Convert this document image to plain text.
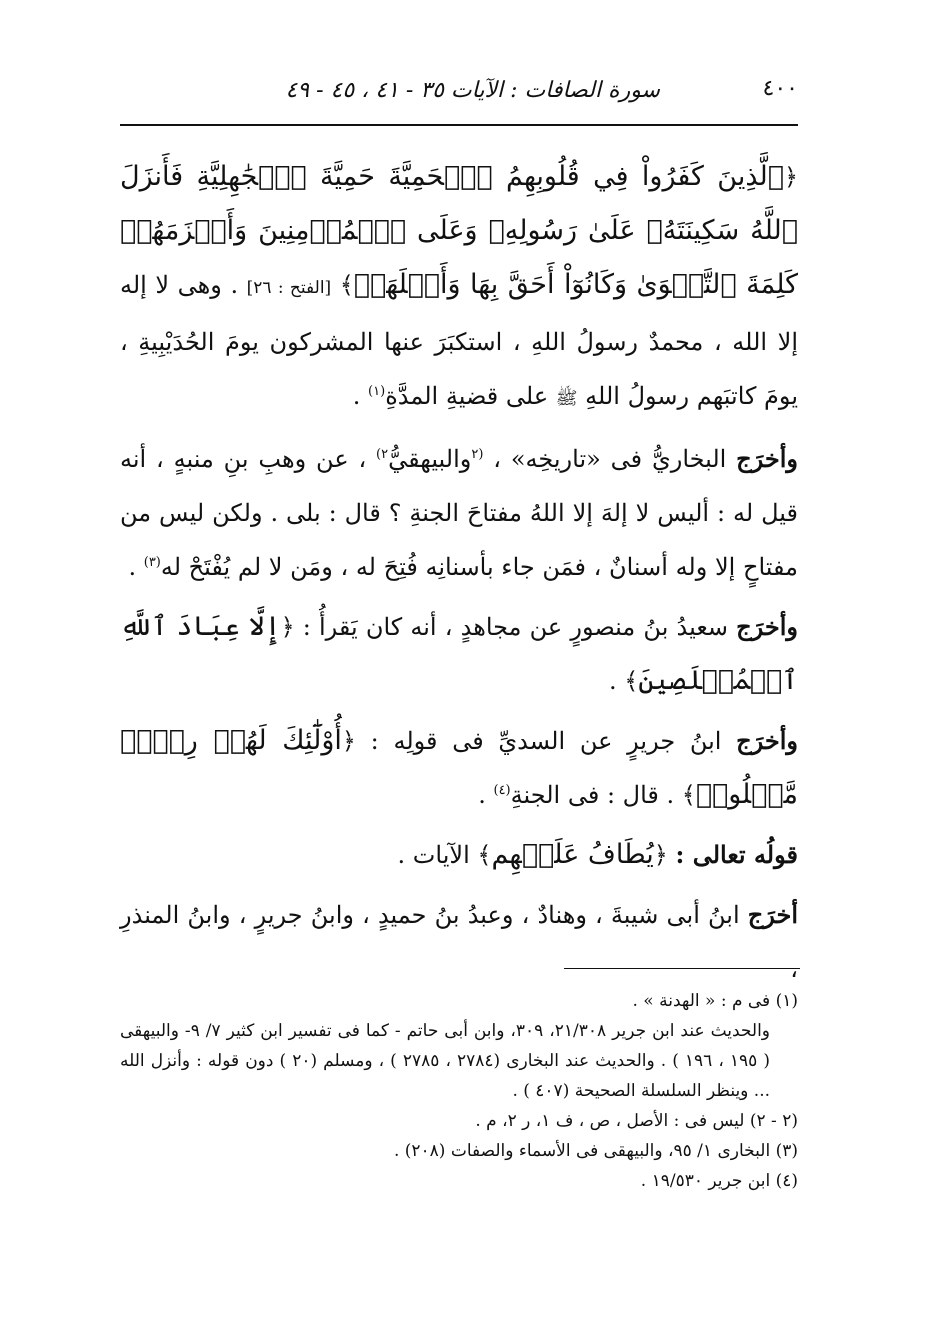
٤٠٠
سورة الصافات : الآيات ٣٥ - ٤١ ، ٤٥ - ٤٩

﴿ٱلَّذِينَ كَفَرُواْ فِي قُلُوبِهِمُ ٱلۡحَمِيَّةَ حَمِيَّةَ ٱلۡجَٰهِلِيَّةِ فَأَنزَلَ ٱللَّهُ سَكِينَتَهُۥ عَلَىٰ رَسُولِهِۦ وَعَلَى ٱلۡمُؤۡمِنِينَ وَأَلۡزَمَهُمۡ كَلِمَةَ ٱلتَّقۡوَىٰ وَكَانُوٓاْ أَحَقَّ بِهَا وَأَهۡلَهَاۚ﴾ [الفتح : ٢٦] . وهى لا إله إلا الله ، محمدٌ رسولُ اللهِ ، استكبَرَ عنها المشركون يومَ الحُدَيْبِيةِ ، يومَ كاتبَهم رسولُ اللهِ ﷺ على قضيةِ المدَّةِ$^{(١)}$ .

وأخرَج البخاريُّ فى «تاريخِه» ، $^{(٢}$والبيهقيُّ$^{٢)}$ ، عن وهبِ بنِ منبهٍ ، أنه قيل له : أليس لا إلهَ إلا اللهُ مفتاحَ الجنةِ ؟ قال : بلى . ولكن ليس من مفتاحٍ إلا وله أسنانٌ ، فمَن جاء بأسنانِه فُتِحَ له ، ومَن لا لم يُفْتَحْ له$^{(٣)}$ .

وأخرَج سعيدُ بنُ منصورٍ عن مجاهدٍ ، أنه كان يَقرأُ : ﴿إِلَّا عِبَادَ ٱللَّهِ ٱلۡمُخۡلَصِينَ﴾ .

وأخرَج ابنُ جريرٍ عن السديِّ فى قولِه : ﴿أُوْلَٰٓئِكَ لَهُمۡ رِزۡقٞ مَّعۡلُومٞ﴾ . قال : فى الجنةِ$^{(٤)}$ .

قولُه تعالى : ﴿يُطَافُ عَلَيۡهِم﴾ الآيات .

أخرَج ابنُ أبى شيبةَ ، وهنادٌ ، وعبدُ بنُ حميدٍ ، وابنُ جريرٍ ، وابنُ المنذرِ ،

(١) فى م : « الهدنة » .

والحديث عند ابن جرير ٢١/٣٠٨، ٣٠٩، وابن أبى حاتم - كما فى تفسير ابن كثير ٧/ ٩- والبيهقى ( ١٩٥ ، ١٩٦ ) . والحديث عند البخارى (٢٧٨٤ ، ٢٧٨٥ ) ، ومسلم (٢٠ ) دون قوله : وأنزل الله ... وينظر السلسلة الصحيحة (٤٠٧ ) .

(٢ - ٢) ليس فى : الأصل ، ص ، ف ١، ر ٢، م .

(٣) البخارى ١/ ٩٥، والبيهقى فى الأسماء والصفات (٢٠٨) .

(٤) ابن جرير ١٩/٥٣٠ .
